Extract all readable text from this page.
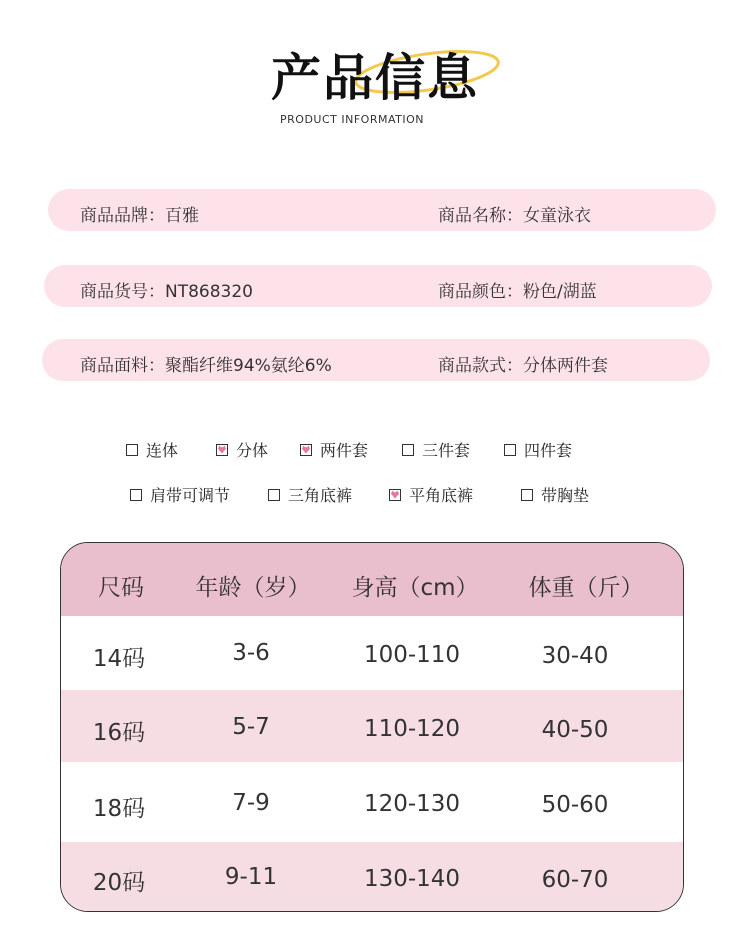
产品信息
PRODUCT INFORMATION
商品品牌：百雅	商品名称：女童泳衣
商品货号：NT868320	商品颜色：粉色/湖蓝
商品面料：聚酯纤维94%氨纶6%	商品款式：分体两件套
连体	分体	两件套	三件套	四件套
肩带可调节	三角底裤	平角底裤	带胸垫
尺码 年龄（岁） 身高（cm） 体重（斤）
14码	3-6	100-110	30-40
16码	5-7	110-120	40-50
18码	7-9	120-130	50-60
20码	9-11	130-140	60-70
